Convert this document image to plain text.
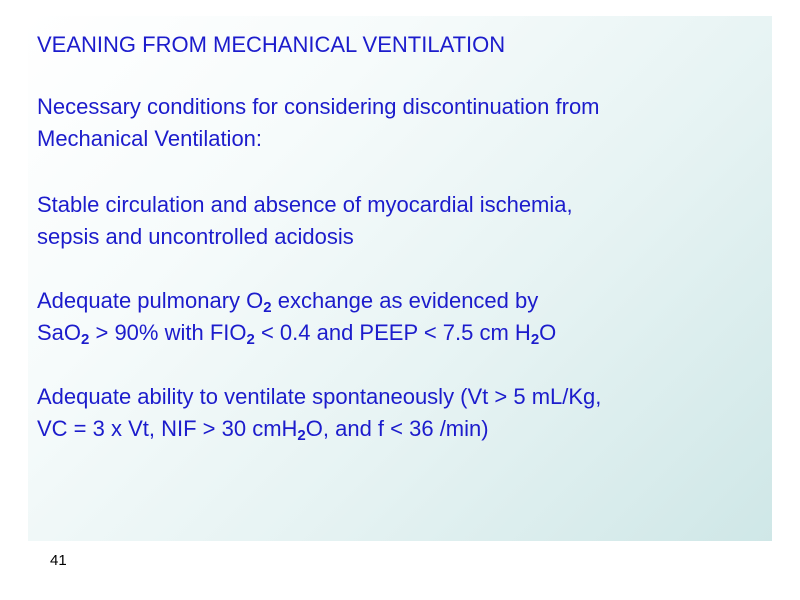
VEANING FROM MECHANICAL VENTILATION
Necessary conditions for considering discontinuation from
Mechanical Ventilation:
Stable circulation and absence of myocardial ischemia,
sepsis and uncontrolled acidosis
Adequate pulmonary $O_2$ exchange as evidenced by
SaO$_2$ > 90% with $FIO_2 < 0.4$ and PEEP < 7.5 cm $H_2O$
Adequate ability to ventilate spontaneously (Vt > 5 mL/Kg,
VC = 3 x Vt, NIF > 30 cmH$_2$O, and f < 36 /min)
41
